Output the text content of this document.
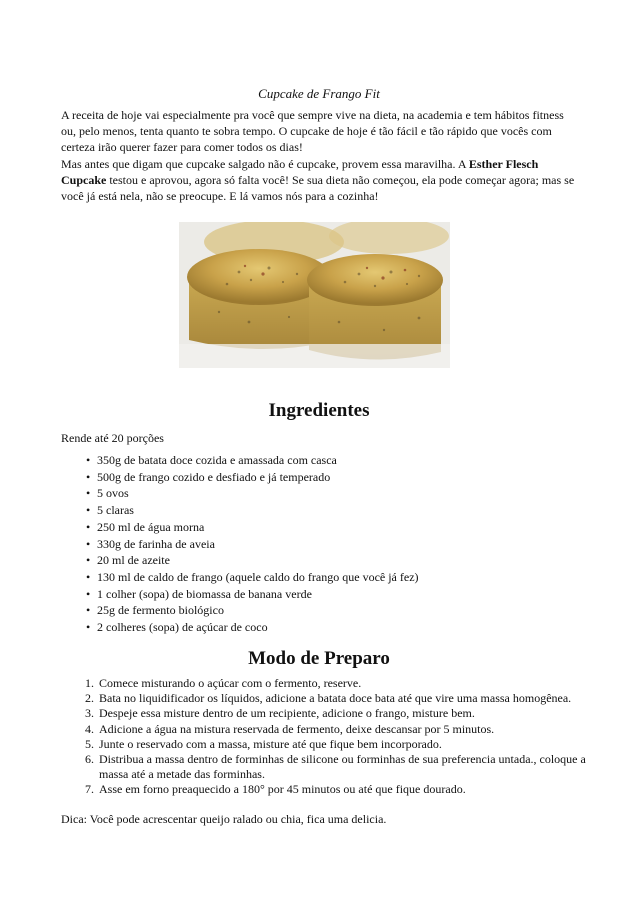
Cupcake de Frango Fit

A receita de hoje vai especialmente pra você que sempre vive na dieta, na academia e tem hábitos fitness ou, pelo menos, tenta quanto te sobra tempo. O cupcake de hoje é tão fácil e tão rápido que vocês com certeza irão querer fazer para comer todos os dias!

Mas antes que digam que cupcake salgado não é cupcake, provem essa maravilha. A Esther Flesch Cupcake testou e aprovou, agora só falta você! Se sua dieta não começou, ela pode começar agora; mas se você já está nela, não se preocupe. E lá vamos nós para a cozinha!

Ingredientes
Rende até 20 porções
• 350g de batata doce cozida e amassada com casca
• 500g de frango cozido e desfiado e já temperado
• 5 ovos
• 5 claras
• 250 ml de água morna
• 330g de farinha de aveia
• 20 ml de azeite
• 130 ml de caldo de frango (aquele caldo do frango que você já fez)
• 1 colher (sopa) de biomassa de banana verde
• 25g de fermento biológico
• 2 colheres (sopa) de açúcar de coco
Modo de Preparo
1. Comece misturando o açúcar com o fermento, reserve.
2. Bata no liquidificador os líquidos, adicione a batata doce bata até que vire uma massa homogênea.
3. Despeje essa misture dentro de um recipiente, adicione o frango, misture bem.
4. Adicione a água na mistura reservada de fermento, deixe descansar por 5 minutos.
5. Junte o reservado com a massa, misture até que fique bem incorporado.
6. Distribua a massa dentro de forminhas de silicone ou forminhas de sua preferencia untada., coloque a massa até a metade das forminhas.
7. Asse em forno preaquecido a 180° por 45 minutos ou até que fique dourado.
Dica: Você pode acrescentar queijo ralado ou chia, fica uma delicia.
